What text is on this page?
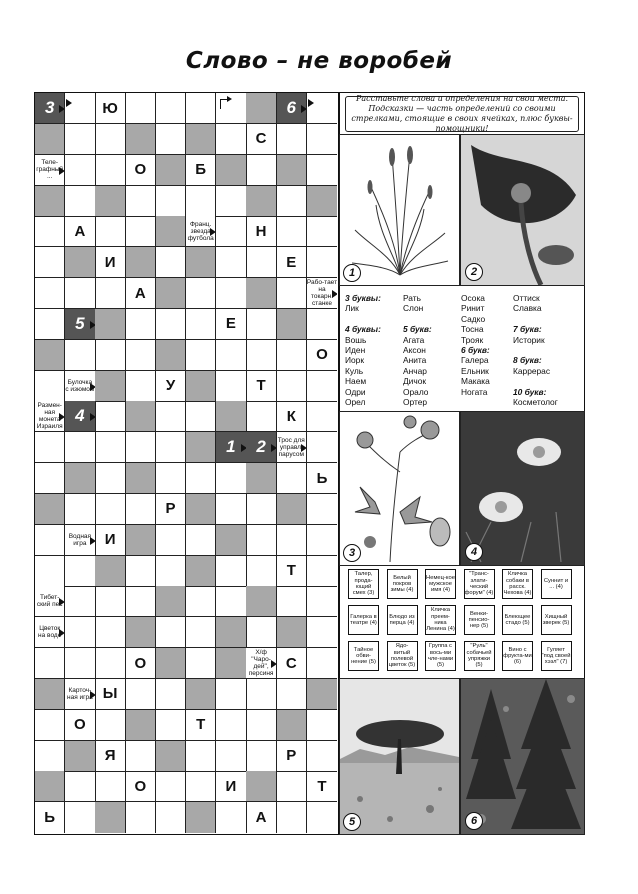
Слово – не воробей
3	Ю	6
С
Теле-графный ...	О	Б
А	Франц. звезда футбола	Н
И	Е
А
Рабо-тает на токарн. станке
5	Е
О
Булочка с изюмом	У	Т
Размен-ная монета Израиля
4	К
1	2	Трос для управл. парусом
Ь
Р
Водная игра	И
Т
Тибет-ский пес
Цветок на воде
О
Х/ф "Чаро-дей", персиня
С
Карточ-ная игра Ы
О	Т
Я	Р
О	И	Т
Ь	А
Расставьте слова и определения на свои места. Подсказки — часть определений со своими стрелками, стоящие в своих ячейках, плюс буквы-помощники!
1	2
3 буквы:
Лик

4 буквы:
Вошь
Иден
Иорк
Куль
Наем
Одри
Орел
Рать
Слон

5 букв:
Агата
Аксон
Анита
Анчар
Дичок
Орало
Ортер
Осока
Ринит
Садко
Тосна
Трояк
6 букв:
Галера
Ельник
Макака
Ногата
Оттиск
Славка

7 букв:
Историк

8 букв:
Каррерас

10 букв:
Косметолог
3	4
Талер, прода-ющий смех (3)
Белый покров зимы (4)
Немец-кое мужское имя (4)
"Транс-злати-ческий форум" (4)
Кличка собаки в расск. Чехова (4)
Суннит и ... (4)
Галерка в театре (4)
Блюдо из перца (4)
Кличка преем-ника Ленина (4)
Венки-пенсио-нер (5)
Блеющее стадо (5)
Хищный зверек (5)
Тайное обви-нение (5)
Ядо-витый полевой цветок (5)
Группа с вось-ми чле-нами (5)
"Руль" собачьей упряжки (5)
Вино с фрукта-ми (6)
Гуляет "под своей хэзл" (7)
5	6
